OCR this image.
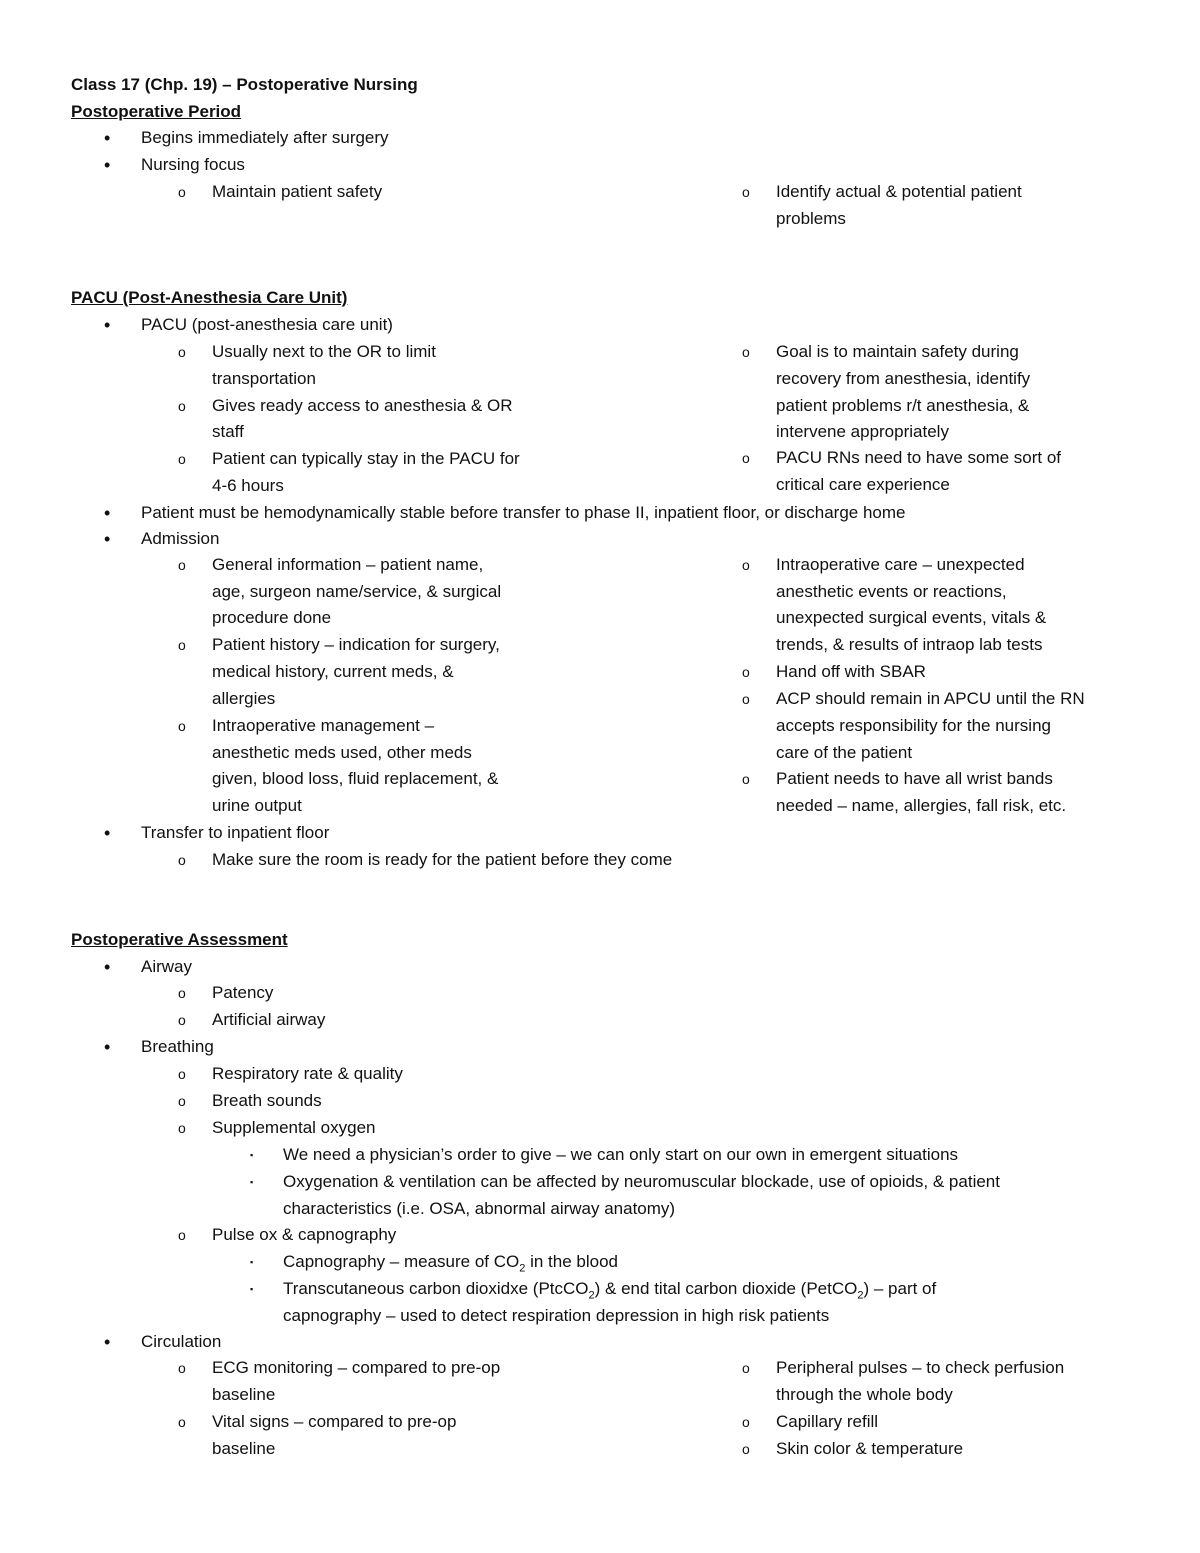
Class 17 (Chp. 19) – Postoperative Nursing
Postoperative Period
• Begins immediately after surgery
• Nursing focus
o Maintain patient safety	o Identify actual & potential patient
problems
PACU (Post-Anesthesia Care Unit)
• PACU (post-anesthesia care unit)
o Usually next to the OR to limit
transportation
o Gives ready access to anesthesia & OR
staff
o Patient can typically stay in the PACU for
4-6 hours
o Goal is to maintain safety during
recovery from anesthesia, identify
patient problems r/t anesthesia, &
intervene appropriately
o PACU RNs need to have some sort of
critical care experience
• Patient must be hemodynamically stable before transfer to phase II, inpatient floor, or discharge home
• Admission
o General information – patient name,
age, surgeon name/service, & surgical
procedure done
o Patient history – indication for surgery,
medical history, current meds, &
allergies
o Intraoperative management –
anesthetic meds used, other meds
given, blood loss, fluid replacement, &
urine output
o Intraoperative care – unexpected
anesthetic events or reactions,
unexpected surgical events, vitals &
trends, & results of intraop lab tests
o Hand off with SBAR
o ACP should remain in APCU until the RN
accepts responsibility for the nursing
care of the patient
o Patient needs to have all wrist bands
needed – name, allergies, fall risk, etc.
• Transfer to inpatient floor
o Make sure the room is ready for the patient before they come
Postoperative Assessment
• Airway
o Patency
o Artificial airway
• Breathing
o Respiratory rate & quality
o Breath sounds
o Supplemental oxygen
▪ We need a physician’s order to give – we can only start on our own in emergent situations
▪ Oxygenation & ventilation can be affected by neuromuscular blockade, use of opioids, & patient
characteristics (i.e. OSA, abnormal airway anatomy)
o Pulse ox & capnography
▪ Capnography – measure of $CO_2$ in the blood
▪ Transcutaneous carbon dioxidxe (PtcCO$_2$) & end tital carbon dioxide (PetCO$_2$) – part of
capnography – used to detect respiration depression in high risk patients
• Circulation
o ECG monitoring – compared to pre-op
baseline
o Vital signs – compared to pre-op
baseline
o Peripheral pulses – to check perfusion
through the whole body
o Capillary refill
o Skin color & temperature
